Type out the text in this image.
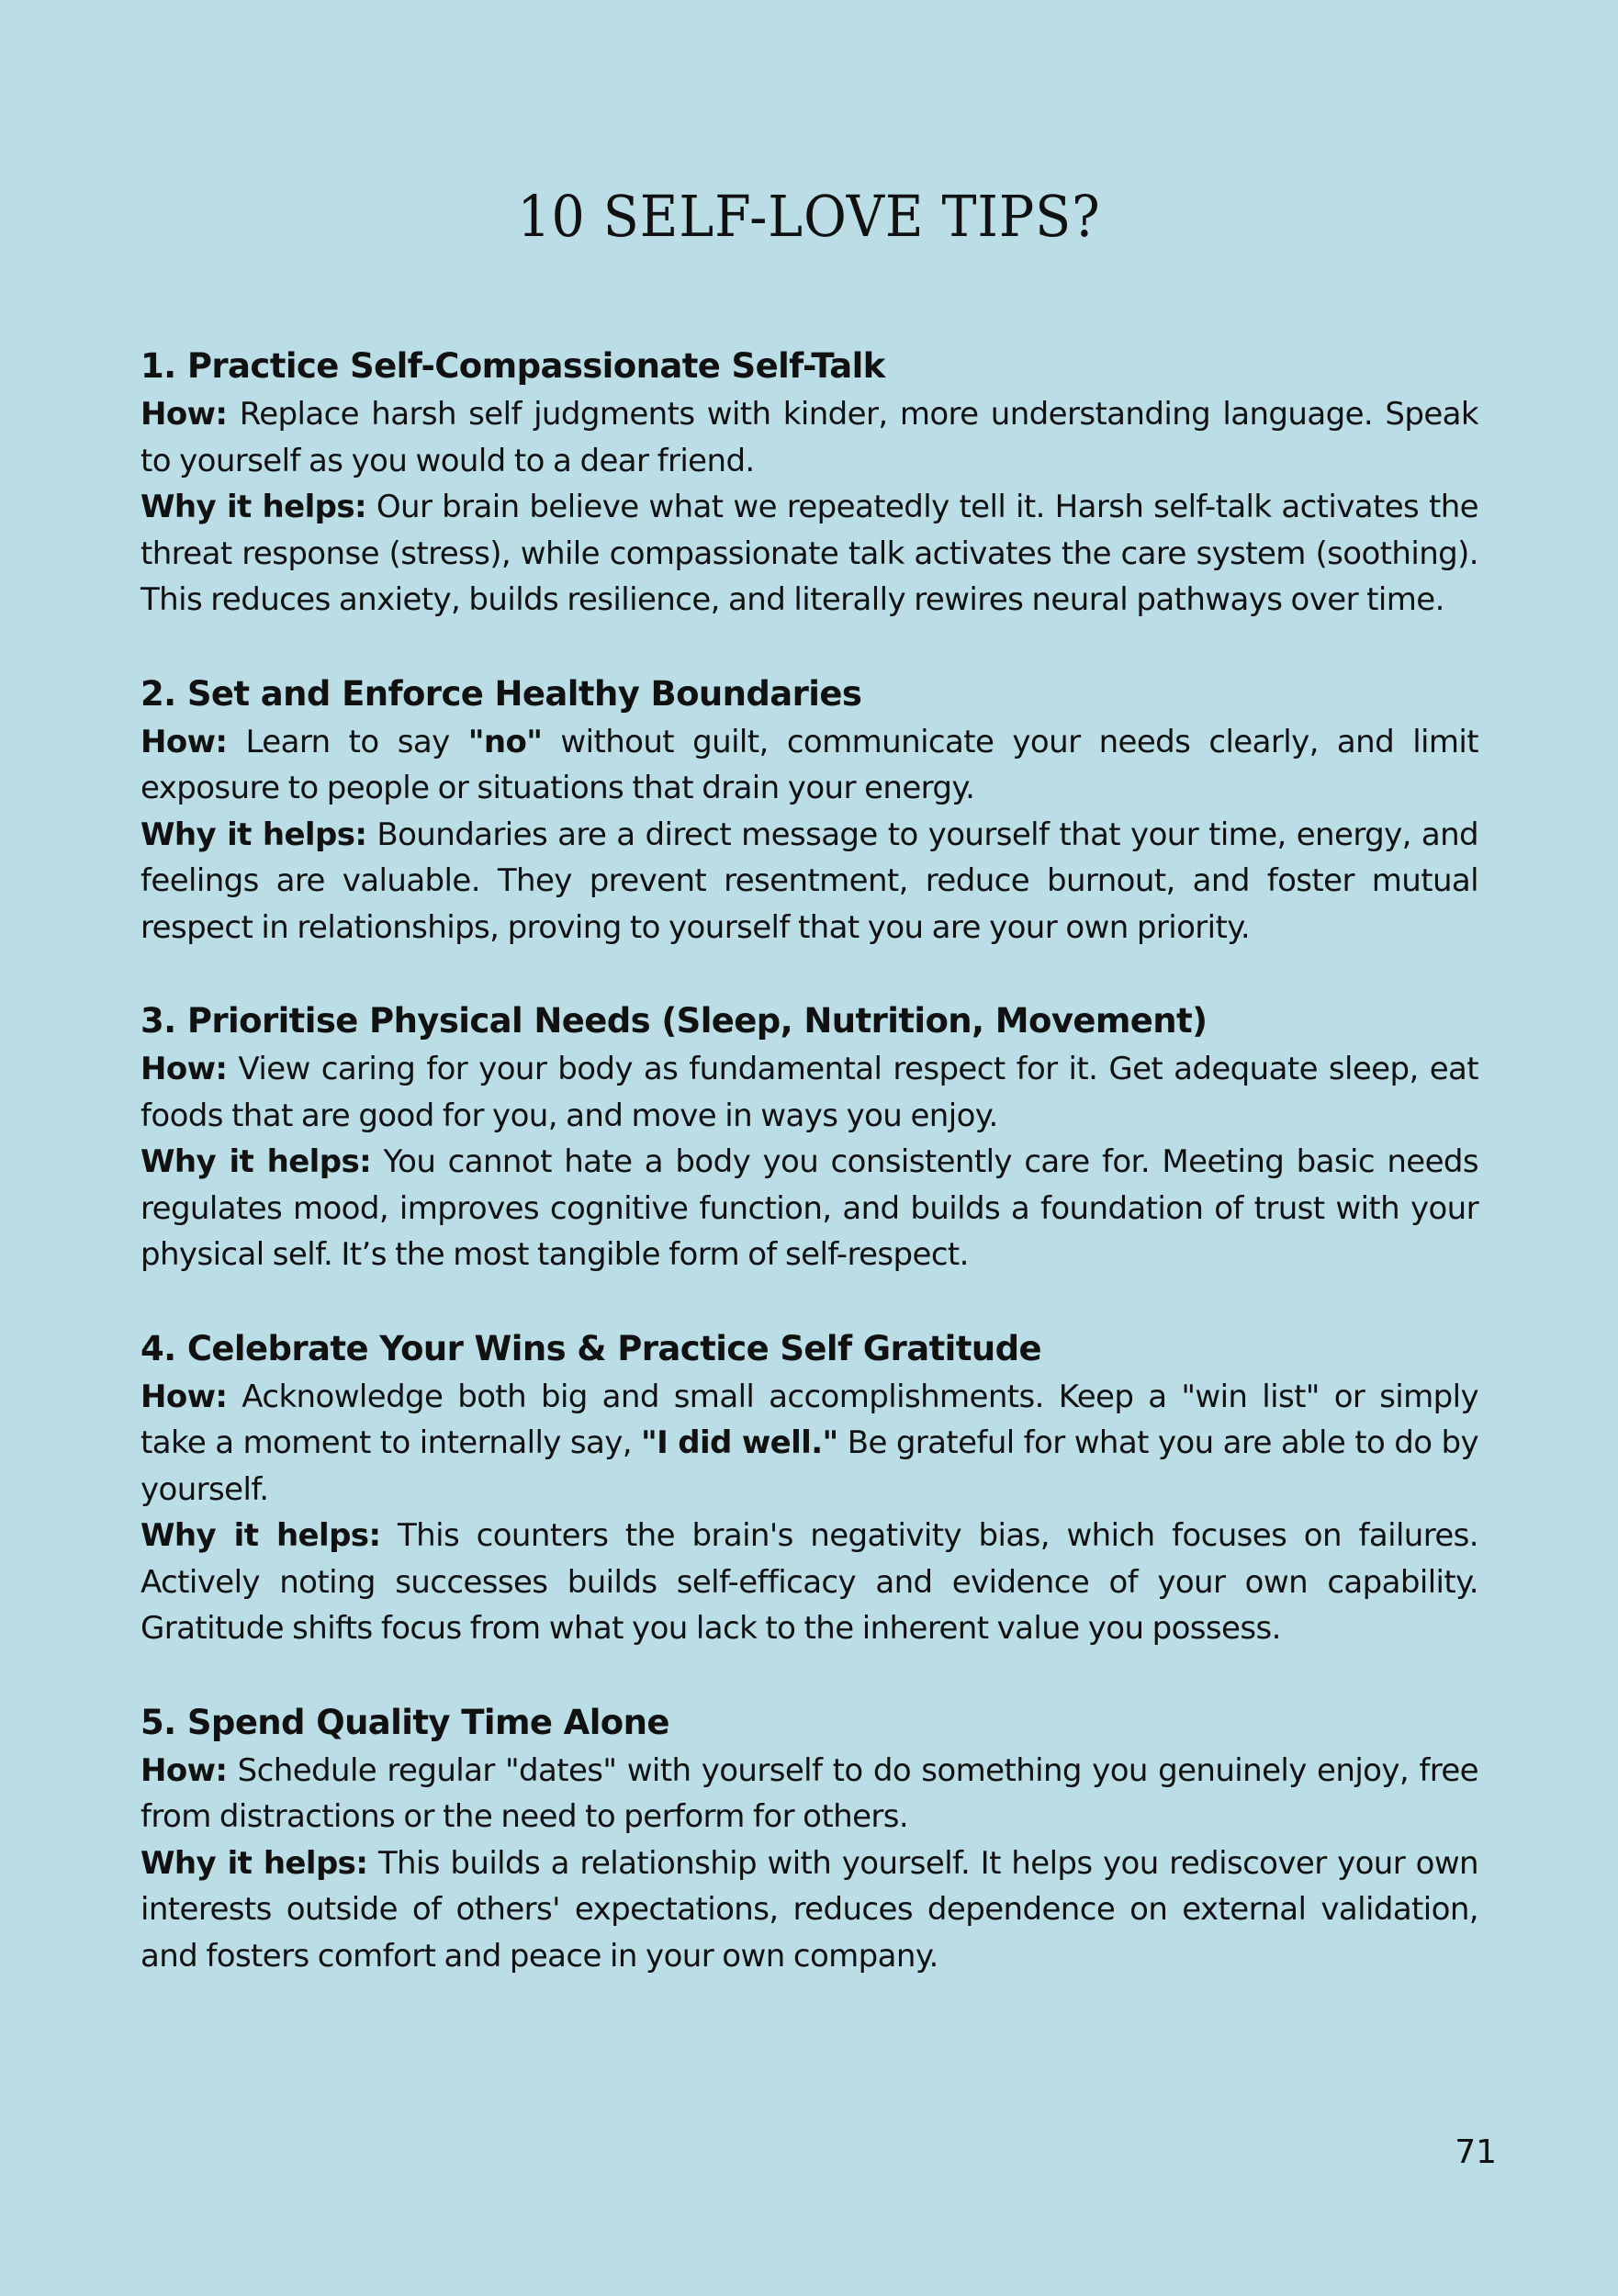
10 SELF-LOVE TIPS?
1. Practice Self-Compassionate Self-Talk

How: Replace harsh self judgments with kinder, more understanding language. Speak to yourself as you would to a dear friend.

Why it helps: Our brain believe what we repeatedly tell it. Harsh self-talk activates the threat response (stress), while compassionate talk activates the care system (soothing). This reduces anxiety, builds resilience, and literally rewires neural pathways over time.

2. Set and Enforce Healthy Boundaries

How: Learn to say "no" without guilt, communicate your needs clearly, and limit exposure to people or situations that drain your energy.

Why it helps: Boundaries are a direct message to yourself that your time, energy, and feelings are valuable. They prevent resentment, reduce burnout, and foster mutual respect in relationships, proving to yourself that you are your own priority.

3. Prioritise Physical Needs (Sleep, Nutrition, Movement)

How: View caring for your body as fundamental respect for it. Get adequate sleep, eat foods that are good for you, and move in ways you enjoy.

Why it helps: You cannot hate a body you consistently care for. Meeting basic needs regulates mood, improves cognitive function, and builds a foundation of trust with your physical self. It’s the most tangible form of self-respect.

4. Celebrate Your Wins & Practice Self Gratitude

How: Acknowledge both big and small accomplishments. Keep a "win list" or simply take a moment to internally say, "I did well." Be grateful for what you are able to do by yourself.

Why it helps: This counters the brain's negativity bias, which focuses on failures. Actively noting successes builds self-efficacy and evidence of your own capability. Gratitude shifts focus from what you lack to the inherent value you possess.

5. Spend Quality Time Alone

How: Schedule regular "dates" with yourself to do something you genuinely enjoy, free from distractions or the need to perform for others.

Why it helps: This builds a relationship with yourself. It helps you rediscover your own interests outside of others' expectations, reduces dependence on external validation, and fosters comfort and peace in your own company.

71
